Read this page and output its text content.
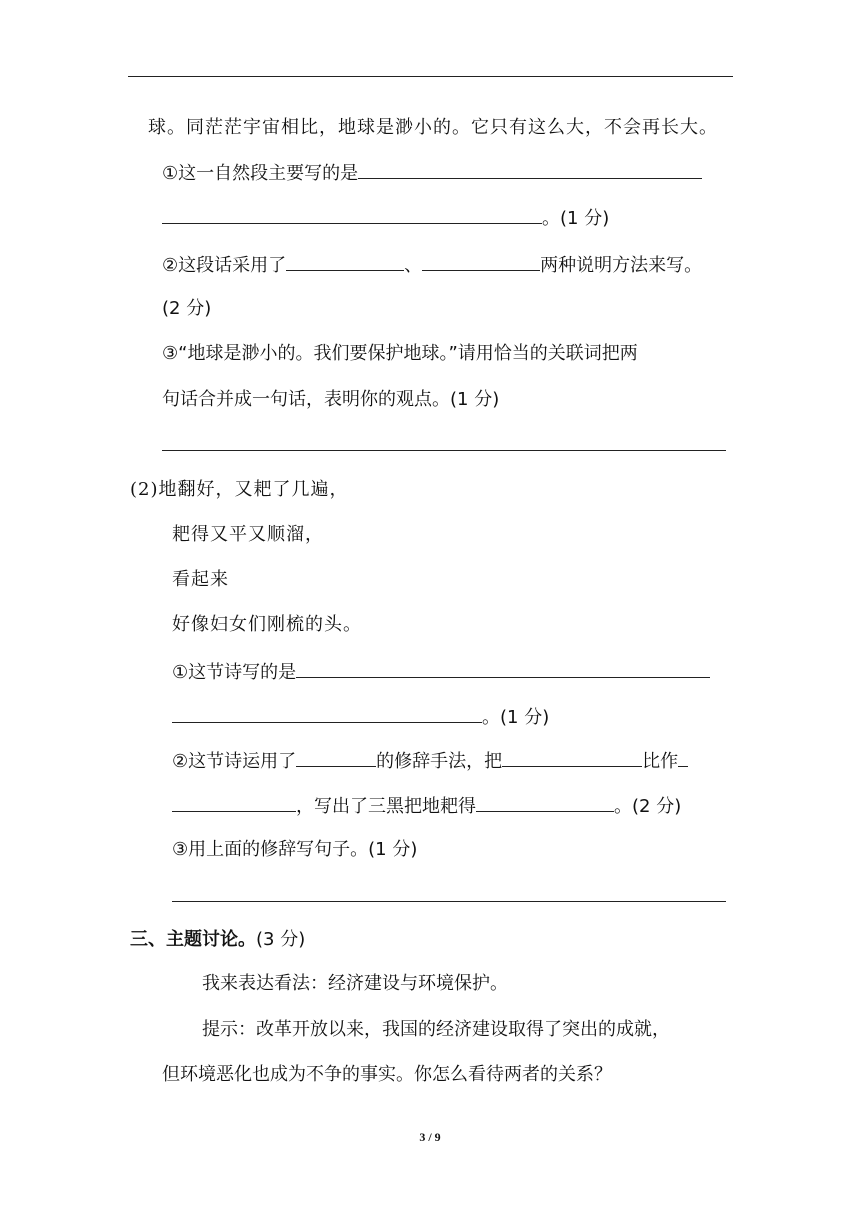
球。同茫茫宇宙相比，地球是渺小的。它只有这么大，不会再长大。
①这一自然段主要写的是
。(1 分)
②这段话采用了	、	两种说明方法来写。
(2 分)
③“地球是渺小的。我们要保护地球。”请用恰当的关联词把两
句话合并成一句话，表明你的观点。(1 分)
(2)地翻好，又耙了几遍，
耙得又平又顺溜，
看起来
好像妇女们刚梳的头。
①这节诗写的是
。(1 分)
②这节诗运用了	的修辞手法，把	比作
，写出了三黑把地耙得	。(2 分)
③用上面的修辞写句子。(1 分)
三、主题讨论。(3 分)
我来表达看法：经济建设与环境保护。
提示：改革开放以来，我国的经济建设取得了突出的成就，
但环境恶化也成为不争的事实。你怎么看待两者的关系？
3 / 9
